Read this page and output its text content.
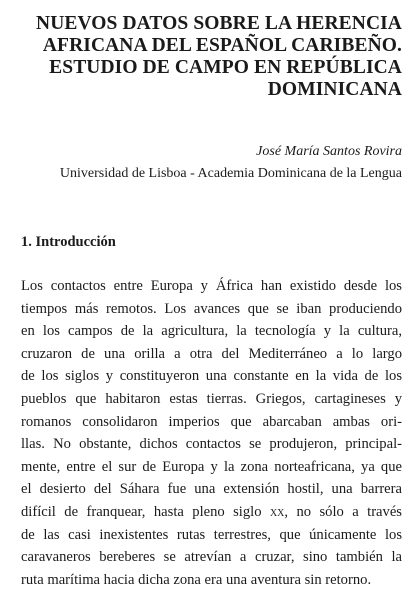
NUEVOS DATOS SOBRE LA HERENCIA
AFRICANA DEL ESPAÑOL CARIBEÑO.
ESTUDIO DE CAMPO EN REPÚBLICA
DOMINICANA
José María Santos Rovira
Universidad de Lisboa - Academia Dominicana de la Lengua
1. Introducción

Los contactos entre Europa y África han existido desde los
tiempos más remotos. Los avances que se iban produciendo
en los campos de la agricultura, la tecnología y la cultura,
cruzaron de una orilla a otra del Mediterráneo a lo largo
de los siglos y constituyeron una constante en la vida de los
pueblos que habitaron estas tierras. Griegos, cartagineses y
romanos consolidaron imperios que abarcaban ambas ori-
llas. No obstante, dichos contactos se produjeron, principal-
mente, entre el sur de Europa y la zona norteafricana, ya que
el desierto del Sáhara fue una extensión hostil, una barrera
difícil de franquear, hasta pleno siglo xx, no sólo a través
de las casi inexistentes rutas terrestres, que únicamente los
caravaneros bereberes se atrevían a cruzar, sino también la
ruta marítima hacia dicha zona era una aventura sin retorno.
